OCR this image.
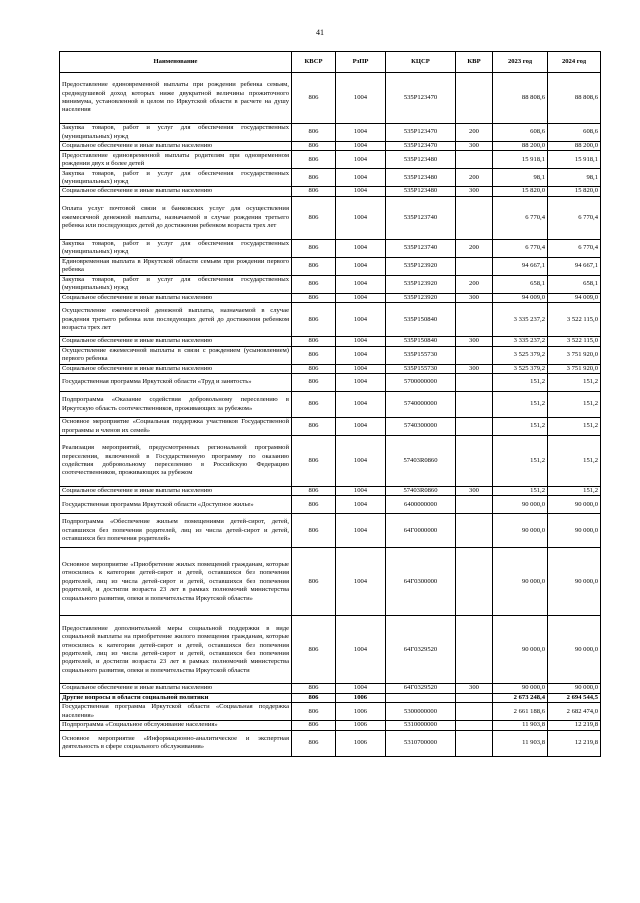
41
Наименование	КВСР	РзПР	КЦСР	КВР	2023 год	2024 год
Предоставление единовременной выплаты при рождении ребенка семьям, среднедушевой доход которых ниже двукратной величины прожиточного минимума, установленной в целом по Иркутской области в расчете на душу населения	806	1004	535Р123470		88 808,6	88 808,6
Закупка товаров, работ и услуг для обеспечения государственных (муниципальных) нужд	806	1004	535Р123470	200	608,6	608,6
Социальное обеспечение и иные выплаты населению	806	1004	535Р123470	300	88 200,0	88 200,0
Предоставление единовременной выплаты родителям при одновременном рождении двух и более детей	806	1004	535Р123480		15 918,1	15 918,1
Закупка товаров, работ и услуг для обеспечения государственных (муниципальных) нужд	806	1004	535Р123480	200	98,1	98,1
Социальное обеспечение и иные выплаты населению	806	1004	535Р123480	300	15 820,0	15 820,0
Оплата услуг почтовой связи и банковских услуг для осуществления ежемесячной денежной выплаты, назначаемой в случае рождения третьего ребенка или последующих детей до достижения ребенком возраста трех лет	806	1004	535Р123740		6 770,4	6 770,4
Закупка товаров, работ и услуг для обеспечения государственных (муниципальных) нужд	806	1004	535Р123740	200	6 770,4	6 770,4
Единовременная выплата в Иркутской области семьям при рождении первого ребенка	806	1004	535Р123920		94 667,1	94 667,1
Закупка товаров, работ и услуг для обеспечения государственных (муниципальных) нужд	806	1004	535Р123920	200	658,1	658,1
Социальное обеспечение и иные выплаты населению	806	1004	535Р123920	300	94 009,0	94 009,0
Осуществление ежемесячной денежной выплаты, назначаемой в случае рождения третьего ребенка или последующих детей до достижения ребенком возраста трех лет	806	1004	535Р150840		3 335 237,2	3 522 115,0
Социальное обеспечение и иные выплаты населению	806	1004	535Р150840	300	3 335 237,2	3 522 115,0
Осуществление ежемесячной выплаты в связи с рождением (усыновлением) первого ребенка	806	1004	535Р155730		3 525 379,2	3 751 920,0
Социальное обеспечение и иные выплаты населению	806	1004	535Р155730	300	3 525 379,2	3 751 920,0
Государственная программа Иркутской области «Труд и занятость»	806	1004	5700000000		151,2	151,2
Подпрограмма «Оказание содействия добровольному переселению в Иркутскую область соотечественников, проживающих за рубежом»	806	1004	5740000000		151,2	151,2
Основное мероприятие «Социальная поддержка участников Государственной программы и членов их семей»	806	1004	5740300000		151,2	151,2
Реализация мероприятий, предусмотренных региональной программой переселения, включенной в Государственную программу по оказанию содействия добровольному переселению в Российскую Федерацию соотечественников, проживающих за рубежом	806	1004	57403R0860		151,2	151,2
Социальное обеспечение и иные выплаты населению	806	1004	57403R0860	300	151,2	151,2
Государственная программа Иркутской области «Доступное жилье»	806	1004	6400000000		90 000,0	90 000,0
Подпрограмма «Обеспечение жильем помещениями детей-сирот, детей, оставшихся без попечения родителей, лиц из числа детей-сирот и детей, оставшихся без попечения родителей»	806	1004	64Г0000000		90 000,0	90 000,0
Основное мероприятие «Приобретение жилых помещений гражданам, которые относились к категории детей-сирот и детей, оставшихся без попечения родителей, лиц из числа детей-сирот и детей, оставшихся без попечения родителей, и достигли возраста 23 лет в рамках полномочий министерства социального развития, опеки и попечительства Иркутской области»	806	1004	64Г0300000		90 000,0	90 000,0
Предоставление дополнительной меры социальной поддержки в виде социальной выплаты на приобретение жилого помещения гражданам, которые относились к категории детей-сирот и детей, оставшихся без попечения родителей, лиц из числа детей-сирот и детей, оставшихся без попечения родителей, и достигли возраста 23 лет в рамках полномочий министерства социального развития, опеки и попечительства Иркутской области	806	1004	64Г0329520		90 000,0	90 000,0
Социальное обеспечение и иные выплаты населению	806	1004	64Г0329520	300	90 000,0	90 000,0
Другие вопросы в области социальной политики	806	1006			2 673 248,4	2 694 544,5
Государственная программа Иркутской области «Социальная поддержка населения»	806	1006	5300000000		2 661 188,6	2 682 474,0
Подпрограмма «Социальное обслуживание населения»	806	1006	5310000000		11 903,8	12 219,8
Основное мероприятие «Информационно-аналитическое и экспертная деятельность в сфере социального обслуживания»	806	1006	5310700000		11 903,8	12 219,8
